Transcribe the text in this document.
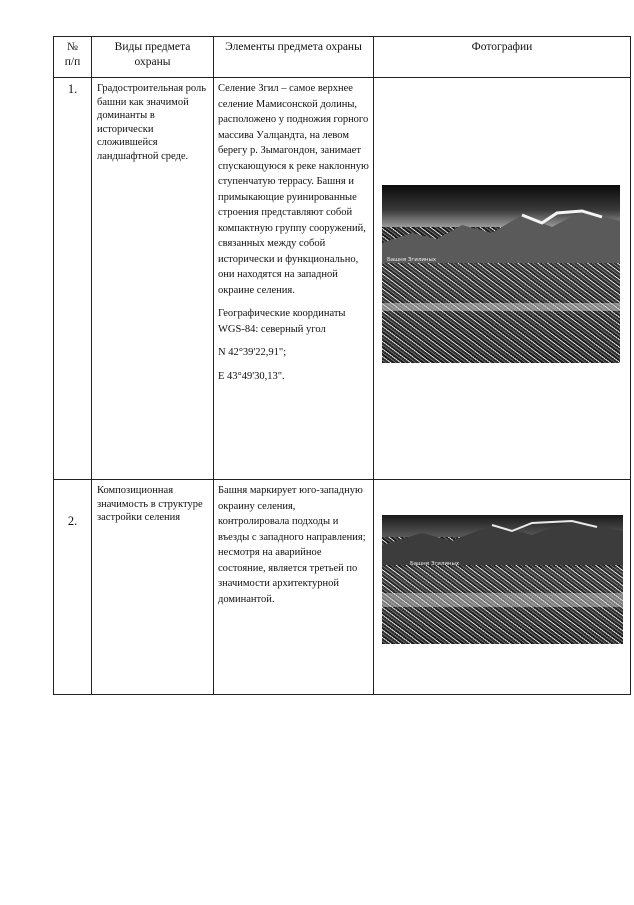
№
п/п	Виды предмета охраны	Элементы предмета охраны	Фотографии

1.	Градостроительная роль башни как значимой доминанты в исторически сложившейся ландшафтной среде.	Селение Згил – самое верхнее селение Мамисонской долины, расположено у подножия горного массива Уалцандта, на левом берегу р. Зымагондон, занимает спускающуюся к реке наклонную ступенчатую террасу. Башня и примыкающие руинированные строения представляют собой компактную группу сооружений, связанных между собой исторически и функционально, они находятся на западной окраине селения.

Географические координаты WGS-84: северный угол

N 42°39'22,91";

E 43°49'30,13".	Башня Згилиных

2.	Композиционная значимость в структуре застройки селения	Башня маркирует юго-западную окраину селения, контролировала подходы и въезды с западного направления; несмотря на аварийное состояние, является третьей по значимости архитектурной доминантой.	Башня Згилиных
